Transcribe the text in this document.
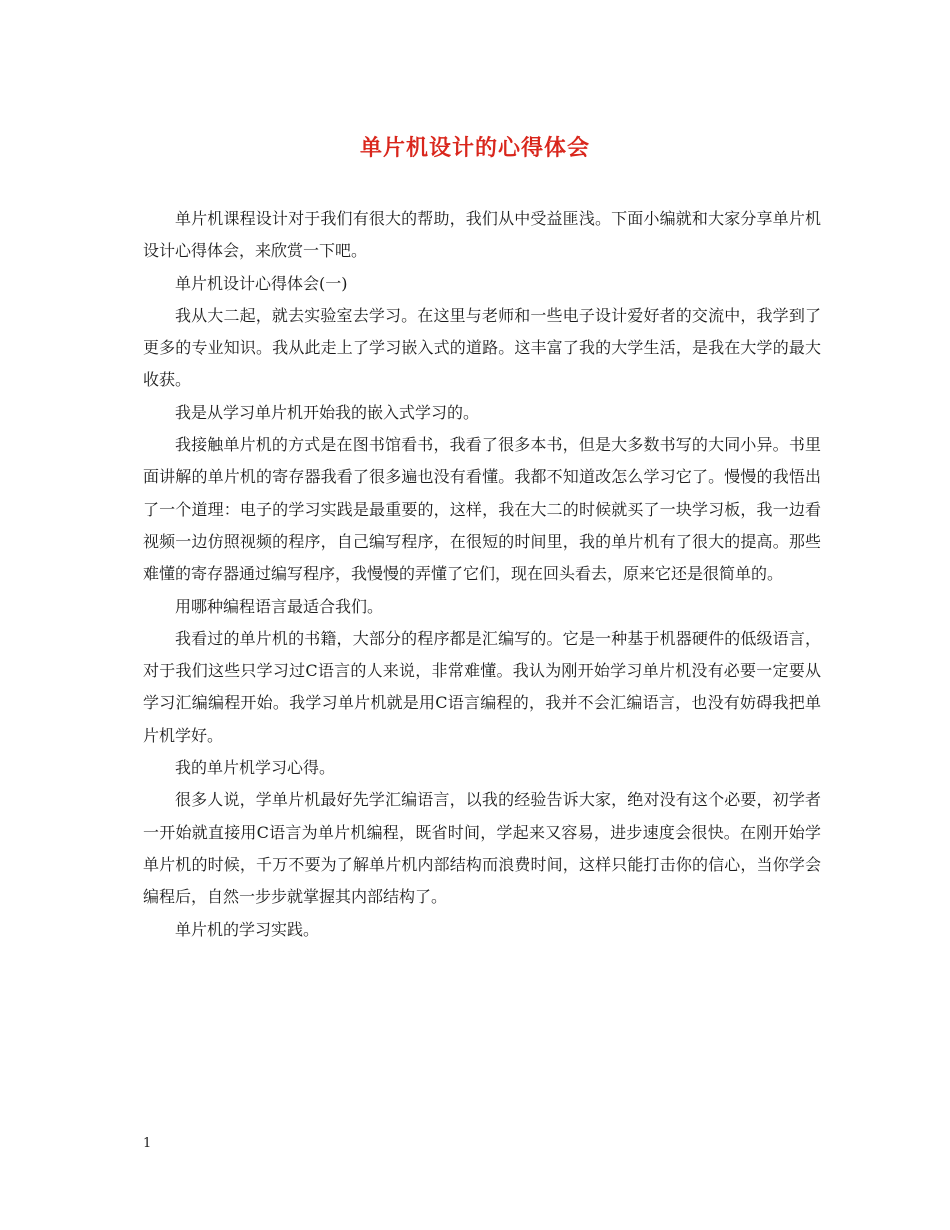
单片机设计的心得体会

单片机课程设计对于我们有很大的帮助，我们从中受益匪浅。下面小编就和大家分享单片机设计心得体会，来欣赏一下吧。

单片机设计心得体会(一)

我从大二起，就去实验室去学习。在这里与老师和一些电子设计爱好者的交流中，我学到了更多的专业知识。我从此走上了学习嵌入式的道路。这丰富了我的大学生活，是我在大学的最大收获。

我是从学习单片机开始我的嵌入式学习的。

我接触单片机的方式是在图书馆看书，我看了很多本书，但是大多数书写的大同小异。书里面讲解的单片机的寄存器我看了很多遍也没有看懂。我都不知道改怎么学习它了。慢慢的我悟出了一个道理：电子的学习实践是最重要的，这样，我在大二的时候就买了一块学习板，我一边看视频一边仿照视频的程序，自己编写程序，在很短的时间里，我的单片机有了很大的提高。那些难懂的寄存器通过编写程序，我慢慢的弄懂了它们，现在回头看去，原来它还是很简单的。

用哪种编程语言最适合我们。

我看过的单片机的书籍，大部分的程序都是汇编写的。它是一种基于机器硬件的低级语言，对于我们这些只学习过C语言的人来说，非常难懂。我认为刚开始学习单片机没有必要一定要从学习汇编编程开始。我学习单片机就是用C语言编程的，我并不会汇编语言，也没有妨碍我把单片机学好。

我的单片机学习心得。

很多人说，学单片机最好先学汇编语言，以我的经验告诉大家，绝对没有这个必要，初学者一开始就直接用C语言为单片机编程，既省时间，学起来又容易，进步速度会很快。在刚开始学单片机的时候，千万不要为了解单片机内部结构而浪费时间，这样只能打击你的信心，当你学会编程后，自然一步步就掌握其内部结构了。

单片机的学习实践。

1
